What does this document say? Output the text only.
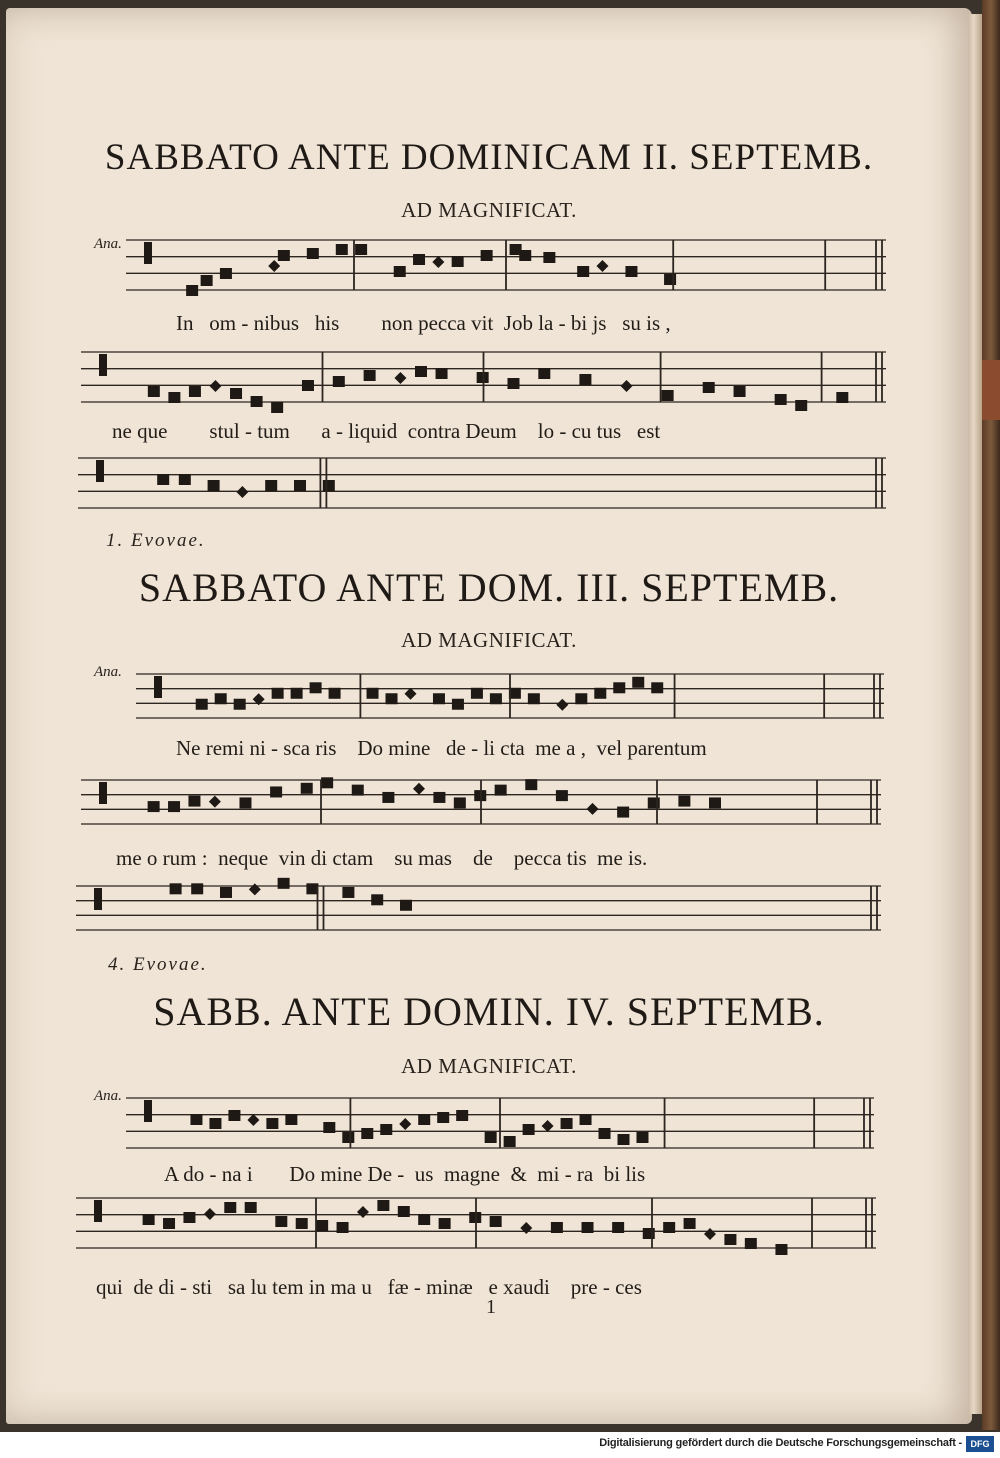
SABBATO ANTE DOMINICAM II. SEPTEMB.
AD MAGNIFICAT.
Ana.
In   om - nibus   his        non pecca vit  Job la - bi js   su is ,
ne que        stul - tum      a - liquid  contra Deum    lo - cu tus   est
1. Evovae.
SABBATO ANTE DOM. III. SEPTEMB.
AD MAGNIFICAT.
Ana.
Ne remi ni - sca ris    Do mine   de - li cta  me a ,  vel parentum
me o rum :  neque  vin di ctam    su mas    de    pecca tis  me is.
4. Evovae.
SABB. ANTE DOMIN. IV. SEPTEMB.
AD MAGNIFICAT.
Ana.
A do - na i       Do mine De -  us  magne  &  mi - ra  bi lis
qui  de di - sti   sa lu tem in ma u   fæ - minæ   e xaudi    pre - ces
1
Digitalisierung gefördert durch die Deutsche Forschungsgemeinschaft - DFG
